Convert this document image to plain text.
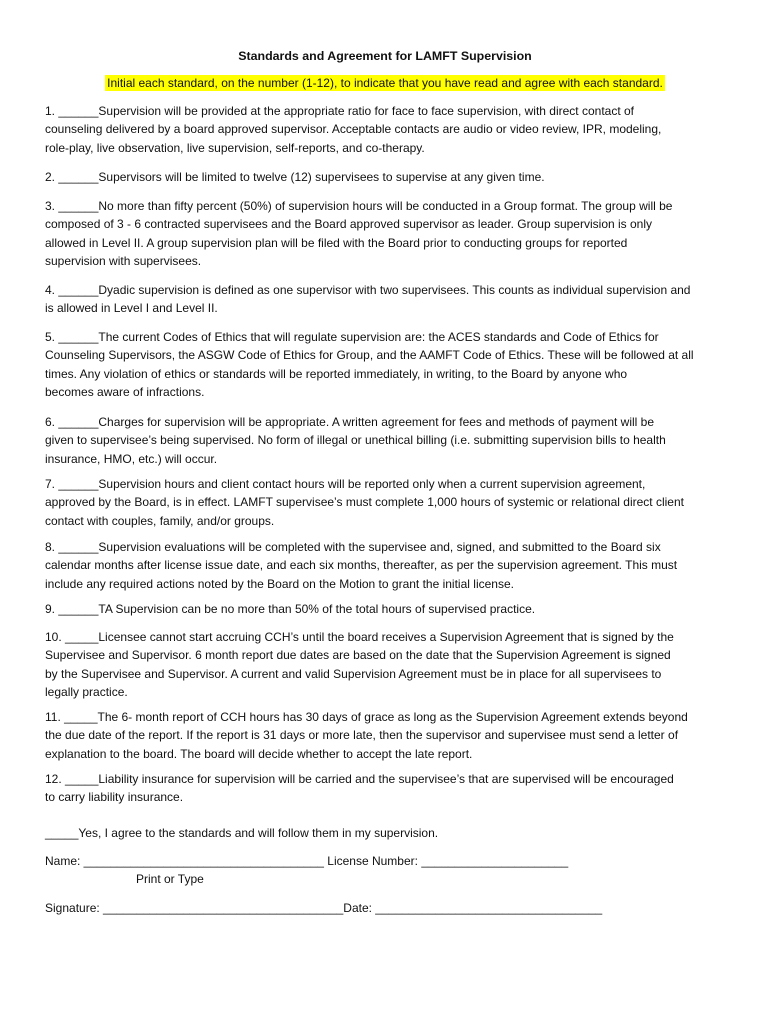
Standards and Agreement for LAMFT Supervision
Initial each standard, on the number (1-12), to indicate that you have read and agree with each standard.
1. ______Supervision will be provided at the appropriate ratio for face to face supervision, with direct contact of
counseling delivered by a board approved supervisor. Acceptable contacts are audio or video review, IPR, modeling,
role-play, live observation, live supervision, self-reports, and co-therapy.
2. ______Supervisors will be limited to twelve (12) supervisees to supervise at any given time.
3. ______No more than fifty percent (50%) of supervision hours will be conducted in a Group format. The group will be
composed of 3 - 6 contracted supervisees and the Board approved supervisor as leader. Group supervision is only
allowed in Level II. A group supervision plan will be filed with the Board prior to conducting groups for reported
supervision with supervisees.
4. ______Dyadic supervision is defined as one supervisor with two supervisees. This counts as individual supervision and
is allowed in Level I and Level II.
5. ______The current Codes of Ethics that will regulate supervision are: the ACES standards and Code of Ethics for
Counseling Supervisors, the ASGW Code of Ethics for Group, and the AAMFT Code of Ethics. These will be followed at all
times. Any violation of ethics or standards will be reported immediately, in writing, to the Board by anyone who
becomes aware of infractions.
6. ______Charges for supervision will be appropriate. A written agreement for fees and methods of payment will be
given to supervisee’s being supervised. No form of illegal or unethical billing (i.e. submitting supervision bills to health
insurance, HMO, etc.) will occur.
7. ______Supervision hours and client contact hours will be reported only when a current supervision agreement,
approved by the Board, is in effect. LAMFT supervisee’s must complete 1,000 hours of systemic or relational direct client
contact with couples, family, and/or groups.
8. ______Supervision evaluations will be completed with the supervisee and, signed, and submitted to the Board six
calendar months after license issue date, and each six months, thereafter, as per the supervision agreement. This must
include any required actions noted by the Board on the Motion to grant the initial license.
9. ______TA Supervision can be no more than 50% of the total hours of supervised practice.
10. _____Licensee cannot start accruing CCH’s until the board receives a Supervision Agreement that is signed by the
Supervisee and Supervisor. 6 month report due dates are based on the date that the Supervision Agreement is signed
by the Supervisee and Supervisor. A current and valid Supervision Agreement must be in place for all supervisees to
legally practice.
11. _____The 6- month report of CCH hours has 30 days of grace as long as the Supervision Agreement extends beyond
the due date of the report. If the report is 31 days or more late, then the supervisor and supervisee must send a letter of
explanation to the board. The board will decide whether to accept the late report.
12. _____Liability insurance for supervision will be carried and the supervisee’s that are supervised will be encouraged
to carry liability insurance.
_____Yes, I agree to the standards and will follow them in my supervision.
Name: ____________________________________ License Number: ______________________
Print or Type
Signature: ____________________________________Date: __________________________________
